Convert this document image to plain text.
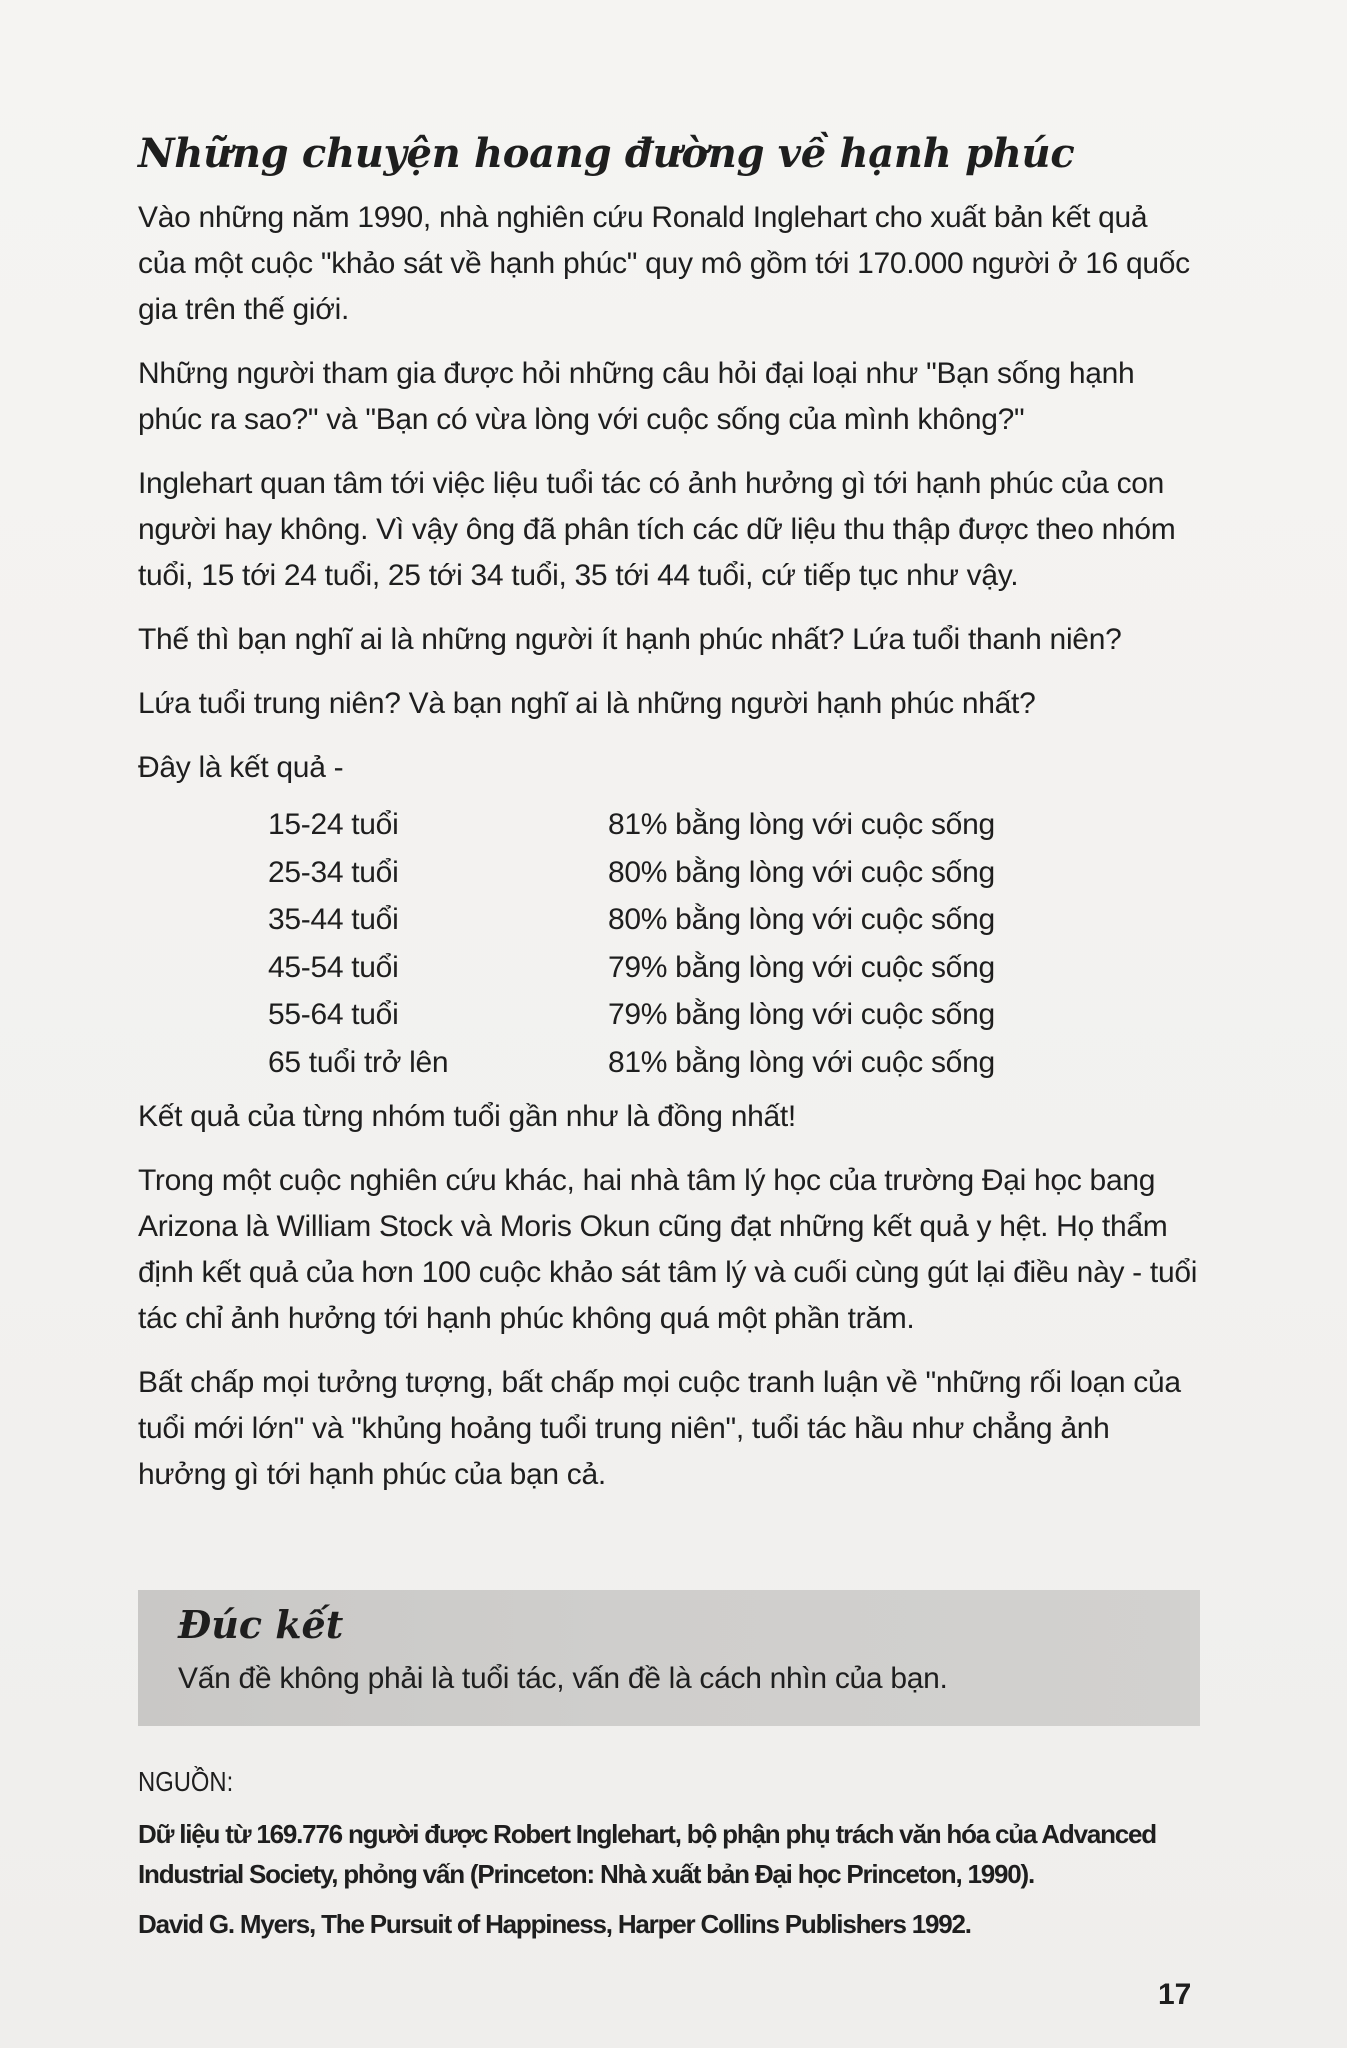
Những chuyện hoang đường về hạnh phúc

Vào những năm 1990, nhà nghiên cứu Ronald Inglehart cho xuất bản kết quả của một cuộc "khảo sát về hạnh phúc" quy mô gồm tới 170.000 người ở 16 quốc gia trên thế giới.

Những người tham gia được hỏi những câu hỏi đại loại như "Bạn sống hạnh phúc ra sao?" và "Bạn có vừa lòng với cuộc sống của mình không?"

Inglehart quan tâm tới việc liệu tuổi tác có ảnh hưởng gì tới hạnh phúc của con người hay không. Vì vậy ông đã phân tích các dữ liệu thu thập được theo nhóm tuổi, 15 tới 24 tuổi, 25 tới 34 tuổi, 35 tới 44 tuổi, cứ tiếp tục như vậy.

Thế thì bạn nghĩ ai là những người ít hạnh phúc nhất? Lứa tuổi thanh niên?

Lứa tuổi trung niên? Và bạn nghĩ ai là những người hạnh phúc nhất?

Đây là kết quả -

15-24 tuổi	81% bằng lòng với cuộc sống
25-34 tuổi	80% bằng lòng với cuộc sống
35-44 tuổi	80% bằng lòng với cuộc sống
45-54 tuổi	79% bằng lòng với cuộc sống
55-64 tuổi	79% bằng lòng với cuộc sống
65 tuổi trở lên	81% bằng lòng với cuộc sống

Kết quả của từng nhóm tuổi gần như là đồng nhất!

Trong một cuộc nghiên cứu khác, hai nhà tâm lý học của trường Đại học bang Arizona là William Stock và Moris Okun cũng đạt những kết quả y hệt. Họ thẩm định kết quả của hơn 100 cuộc khảo sát tâm lý và cuối cùng gút lại điều này - tuổi tác chỉ ảnh hưởng tới hạnh phúc không quá một phần trăm.

Bất chấp mọi tưởng tượng, bất chấp mọi cuộc tranh luận về "những rối loạn của tuổi mới lớn" và "khủng hoảng tuổi trung niên", tuổi tác hầu như chẳng ảnh hưởng gì tới hạnh phúc của bạn cả.

Đúc kết
Vấn đề không phải là tuổi tác, vấn đề là cách nhìn của bạn.
NGUỒN:

Dữ liệu từ 169.776 người được Robert Inglehart, bộ phận phụ trách văn hóa của Advanced Industrial Society, phỏng vấn (Princeton: Nhà xuất bản Đại học Princeton, 1990).

David G. Myers, The Pursuit of Happiness, Harper Collins Publishers 1992.

17
